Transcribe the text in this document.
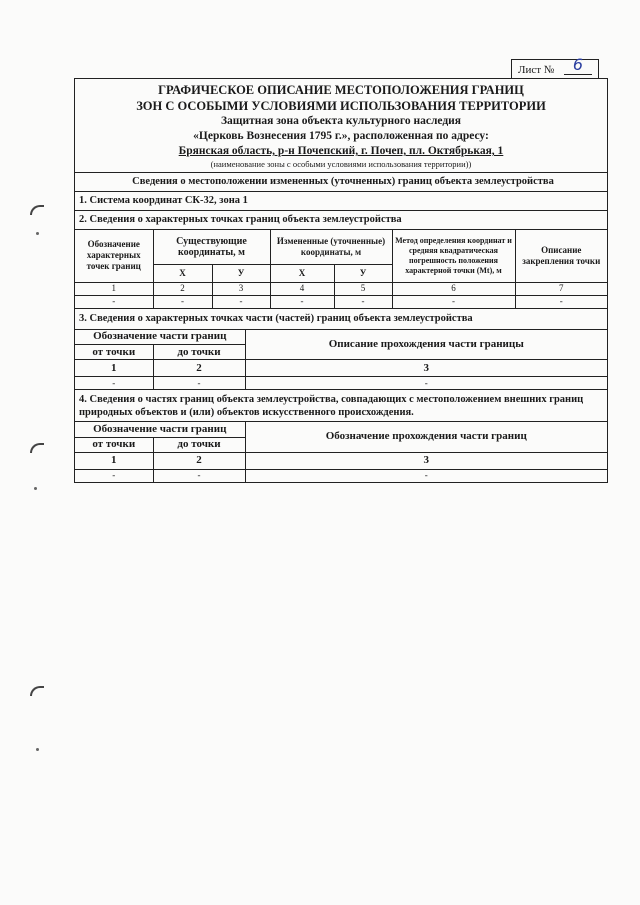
Лист №	6
ГРАФИЧЕСКОЕ ОПИСАНИЕ МЕСТОПОЛОЖЕНИЯ ГРАНИЦ
ЗОН С ОСОБЫМИ УСЛОВИЯМИ ИСПОЛЬЗОВАНИЯ ТЕРРИТОРИИ
Защитная зона объекта культурного наследия
«Церковь Вознесения 1795 г.», расположенная по адресу:
Брянская область, р-н Почепский, г. Почеп, пл. Октябрькая, 1
(наименование зоны с особыми условиями использования территории))
Сведения о местоположении измененных (уточненных) границ объекта землеустройства
1. Система координат СК-32, зона 1
2. Сведения о характерных точках границ объекта землеустройства
Обозначение характерных точек границ	Существующие координаты, м		Измененные (уточненные) координаты, м		Метод определения координат и средняя квадратическая погрешность положения характерной точки (Mt), м	Описание закрепления точки
	X	У	X	У		
1	2	3	4	5	6	7
-	-	-	-	-	-	-
3. Сведения о характерных точках части (частей) границ объекта землеустройства
Обозначение части границ		Описание прохождения части границы
от точки	до точки	
1	2	3
-	-	-
4. Сведения о частях границ объекта землеустройства, совпадающих с местоположением внешних границ природных объектов и (или) объектов искусственного происхождения.
Обозначение части границ		Обозначение прохождения части границ
от точки	до точки	
1	2	3
-	-	-
